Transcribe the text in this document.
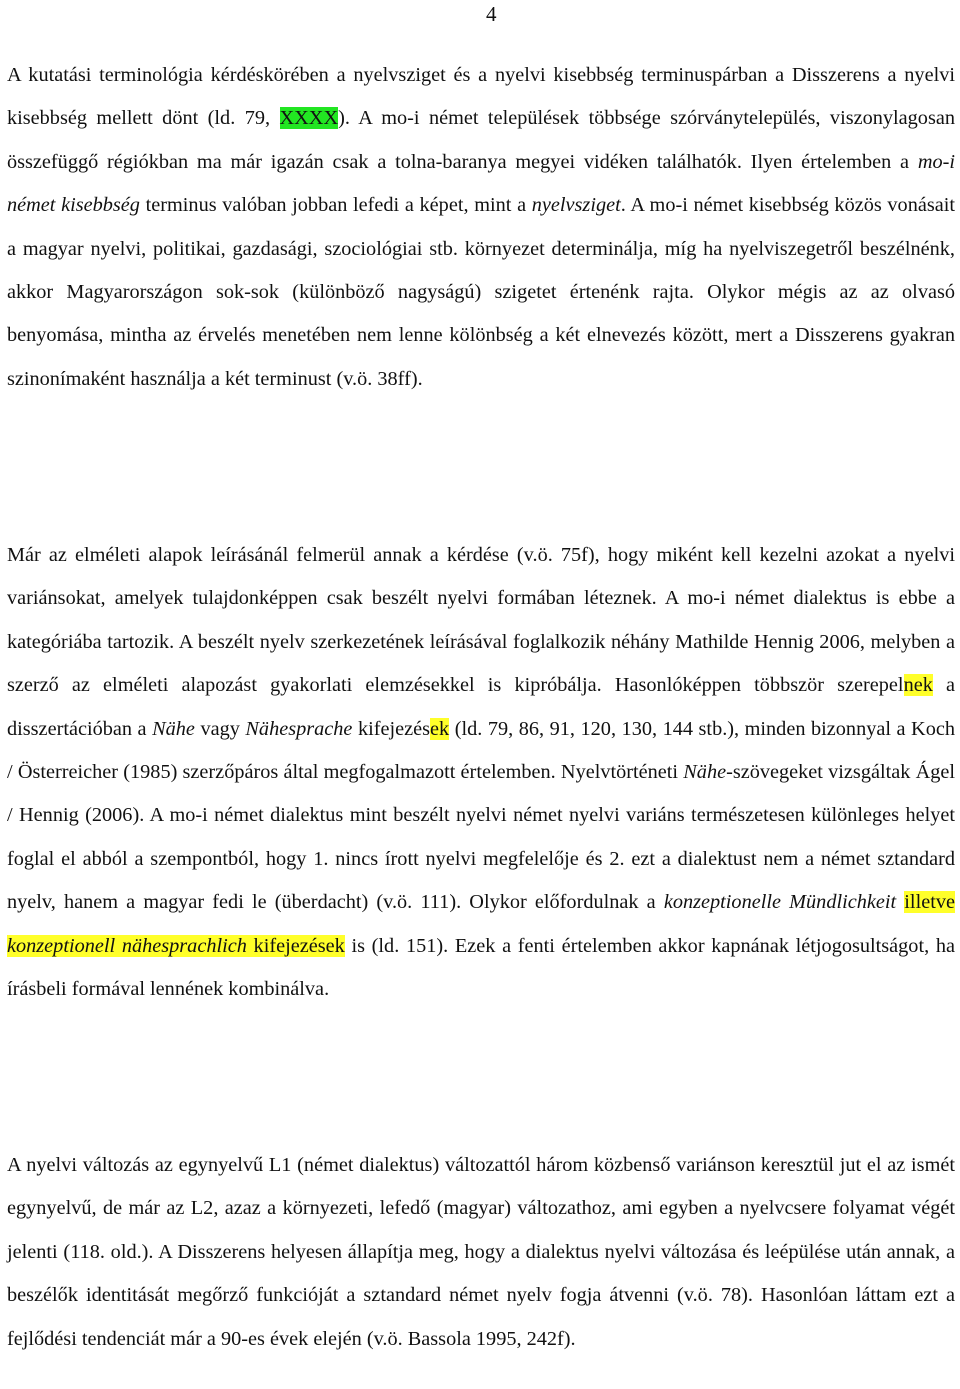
4

A kutatási terminológia kérdéskörében a nyelvsziget és a nyelvi kisebbség terminuspárban a Disszerens a nyelvi kisebbség mellett dönt (ld. 79, XXXX). A mo-i német települések többsége szórványtelepülés, viszonylagosan összefüggő régiókban ma már igazán csak a tolna-baranya megyei vidéken találhatók. Ilyen értelemben a mo-i német kisebbség terminus valóban jobban lefedi a képet, mint a nyelvsziget. A mo-i német kisebbség közös vonásait a magyar nyelvi, politikai, gazdasági, szociológiai stb. környezet determinálja, míg ha nyelviszegetről beszélnénk, akkor Magyarországon sok-sok (különböző nagyságú) szigetet értenénk rajta. Olykor mégis az az olvasó benyomása, mintha az érvelés menetében nem lenne kölönbség a két elnevezés között, mert a Disszerens gyakran szinonímaként használja a két terminust (v.ö. 38ff).

Már az elméleti alapok leírásánál felmerül annak a kérdése (v.ö. 75f), hogy miként kell kezelni azokat a nyelvi variánsokat, amelyek tulajdonképpen csak beszélt nyelvi formában léteznek. A mo-i német dialektus is ebbe a kategóriába tartozik. A beszélt nyelv szerkezetének leírásával foglalkozik néhány Mathilde Hennig 2006, melyben a szerző az elméleti alapozást gyakorlati elemzésekkel is kipróbálja. Hasonlóképpen többször szerepelnek a disszertációban a Nähe vagy Nähesprache kifejezések (ld. 79, 86, 91, 120, 130, 144 stb.), minden bizonnyal a Koch / Österreicher (1985) szerzőpáros által megfogalmazott értelemben. Nyelvtörténeti Nähe-szövegeket vizsgáltak Ágel / Hennig (2006). A mo-i német dialektus mint beszélt nyelvi német nyelvi variáns természetesen különleges helyet foglal el abból a szempontból, hogy 1. nincs írott nyelvi megfelelője és 2. ezt a dialektust nem a német sztandard nyelv, hanem a magyar fedi le (überdacht) (v.ö. 111). Olykor előfordulnak a konzeptionelle Mündlichkeit illetve konzeptionell nähesprachlich kifejezések is (ld. 151). Ezek a fenti értelemben akkor kapnának létjogosultságot, ha írásbeli formával lennének kombinálva.

A nyelvi változás az egynyelvű L1 (német dialektus) változattól három közbenső variánson keresztül jut el az ismét egynyelvű, de már az L2, azaz a környezeti, lefedő (magyar) változathoz, ami egyben a nyelvcsere folyamat végét jelenti (118. old.). A Disszerens helyesen állapítja meg, hogy a dialektus nyelvi változása és leépülése után annak, a beszélők identitását megőrző funkcióját a sztandard német nyelv fogja átvenni (v.ö. 78). Hasonlóan láttam ezt a fejlődési tendenciát már a 90-es évek elején (v.ö. Bassola 1995, 242f).
